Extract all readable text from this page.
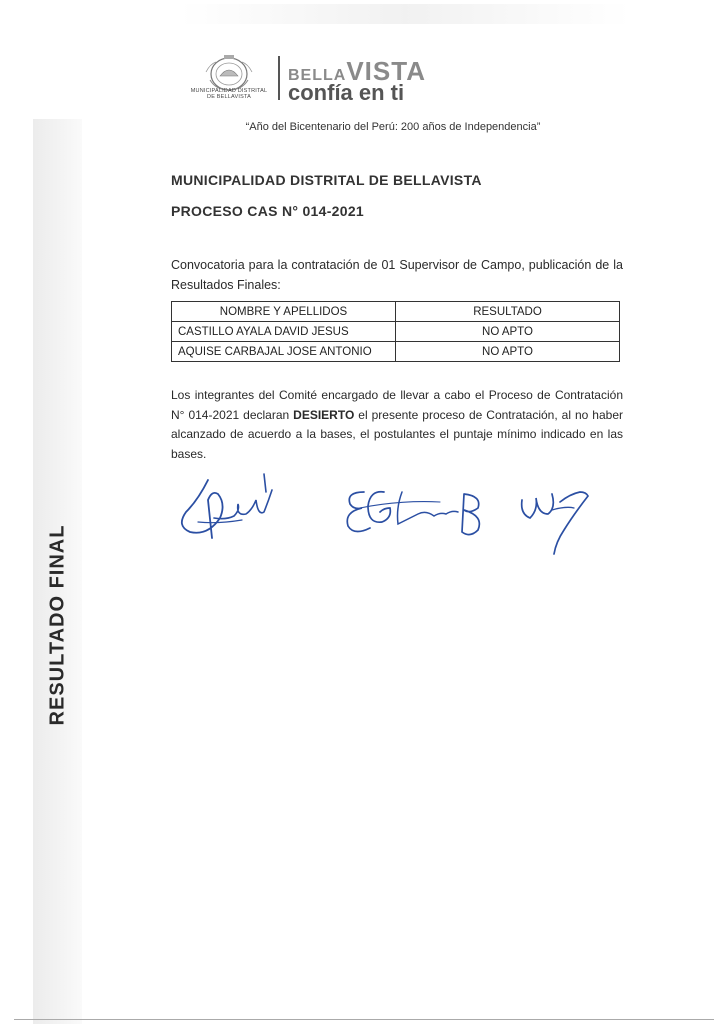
MUNICIPALIDAD DISTRITAL
DE BELLAVISTA
BELLAVISTA
confía en ti
“Año del Bicentenario del Perú: 200 años de Independencia”
RESULTADO FINAL
MUNICIPALIDAD DISTRITAL DE BELLAVISTA
PROCESO CAS N° 014-2021
Convocatoria para la contratación de 01 Supervisor de Campo, publicación de la Resultados Finales:
NOMBRE Y APELLIDOS	RESULTADO
CASTILLO AYALA DAVID JESUS	NO APTO
AQUISE CARBAJAL JOSE ANTONIO	NO APTO
Los integrantes del Comité encargado de llevar a cabo el Proceso de Contratación N° 014-2021 declaran DESIERTO el presente proceso de Contratación, al no haber alcanzado de acuerdo a la bases, el postulantes el puntaje mínimo indicado en las bases.
